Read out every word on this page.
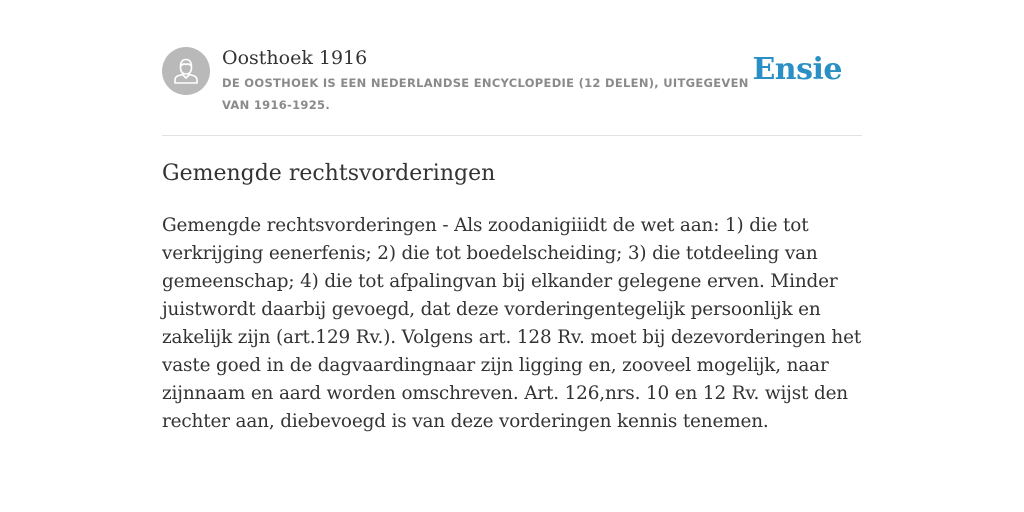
Oosthoek 1916
DE OOSTHOEK IS EEN NEDERLANDSE ENCYCLOPEDIE (12 DELEN), UITGEGEVEN VAN 1916-1925.
Ensie
Gemengde rechtsvorderingen

Gemengde rechtsvorderingen - Als zoodanigiiidt de wet aan: 1) die tot verkrijging eenerfenis; 2) die tot boedelscheiding; 3) die totdeeling van gemeenschap; 4) die tot afpalingvan bij elkander gelegene erven. Minder juistwordt daarbij gevoegd, dat deze vorderingentegelijk persoonlijk en zakelijk zijn (art.129 Rv.). Volgens art. 128 Rv. moet bij dezevorderingen het vaste goed in de dagvaardingnaar zijn ligging en, zooveel mogelijk, naar zijnnaam en aard worden omschreven. Art. 126,nrs. 10 en 12 Rv. wijst den rechter aan, diebevoegd is van deze vorderingen kennis tenemen.
